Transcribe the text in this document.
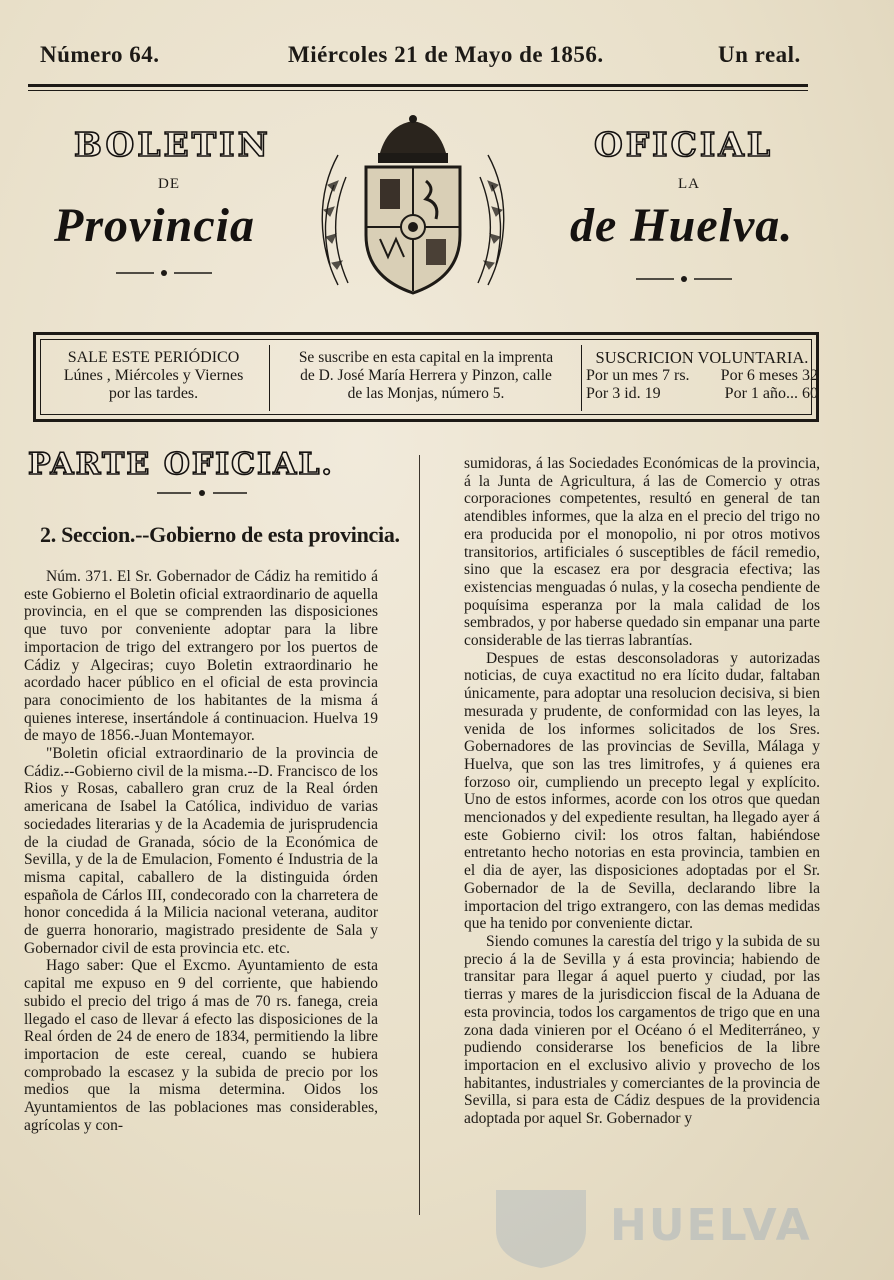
Número 64.	Miércoles 21 de Mayo de 1856.	Un real.
BOLETIN	OFICIAL
DE	LA
Provincia	de Huelva.
SALE ESTE PERIÓDICO
Lúnes , Miércoles y Viernes
por las tardes.
Se suscribe en esta capital en la imprenta
de D. José María Herrera y Pinzon, calle
de las Monjas, número 5.
SUSCRICION VOLUNTARIA.
Por un mes 7 rs. Por 6 meses 32
Por 3 id. 19	Por 1 año... 60
PARTE OFICIAL.
2. Seccion.--Gobierno de esta provincia.

Núm. 371. El Sr. Gobernador de Cádiz ha remitido á este Gobierno el Boletin oficial extraordinario de aquella provincia, en el que se comprenden las disposiciones que tuvo por conveniente adoptar para la libre importacion de trigo del extrangero por los puertos de Cádiz y Algeciras; cuyo Boletin extraordinario he acordado hacer público en el oficial de esta provincia para conocimiento de los habitantes de la misma á quienes interese, insertándole á continuacion. Huelva 19 de mayo de 1856.-Juan Montemayor.

"Boletin oficial extraordinario de la provincia de Cádiz.--Gobierno civil de la misma.--D. Francisco de los Rios y Rosas, caballero gran cruz de la Real órden americana de Isabel la Católica, individuo de varias sociedades literarias y de la Academia de jurisprudencia de la ciudad de Granada, sócio de la Económica de Sevilla, y de la de Emulacion, Fomento é Industria de la misma capital, caballero de la distinguida órden española de Cárlos III, condecorado con la charretera de honor concedida á la Milicia nacional veterana, auditor de guerra honorario, magistrado presidente de Sala y Gobernador civil de esta provincia etc. etc.

Hago saber: Que el Excmo. Ayuntamiento de esta capital me expuso en 9 del corriente, que habiendo subido el precio del trigo á mas de 70 rs. fanega, creia llegado el caso de llevar á efecto las disposiciones de la Real órden de 24 de enero de 1834, permitiendo la libre importacion de este cereal, cuando se hubiera comprobado la escasez y la subida de precio por los medios que la misma determina. Oidos los Ayuntamientos de las poblaciones mas considerables, agrícolas y con-

sumidoras, á las Sociedades Económicas de la provincia, á la Junta de Agricultura, á las de Comercio y otras corporaciones competentes, resultó en general de tan atendibles informes, que la alza en el precio del trigo no era producida por el monopolio, ni por otros motivos transitorios, artificiales ó susceptibles de fácil remedio, sino que la escasez era por desgracia efectiva; las existencias menguadas ó nulas, y la cosecha pendiente de poquísima esperanza por la mala calidad de los sembrados, y por haberse quedado sin empanar una parte considerable de las tierras labrantías.

Despues de estas desconsoladoras y autorizadas noticias, de cuya exactitud no era lícito dudar, faltaban únicamente, para adoptar una resolucion decisiva, si bien mesurada y prudente, de conformidad con las leyes, la venida de los informes solicitados de los Sres. Gobernadores de las provincias de Sevilla, Málaga y Huelva, que son las tres limitrofes, y á quienes era forzoso oir, cumpliendo un precepto legal y explícito. Uno de estos informes, acorde con los otros que quedan mencionados y del expediente resultan, ha llegado ayer á este Gobierno civil: los otros faltan, habiéndose entretanto hecho notorias en esta provincia, tambien en el dia de ayer, las disposiciones adoptadas por el Sr. Gobernador de la de Sevilla, declarando libre la importacion del trigo extrangero, con las demas medidas que ha tenido por conveniente dictar.

Siendo comunes la carestía del trigo y la subida de su precio á la de Sevilla y á esta provincia; habiendo de transitar para llegar á aquel puerto y ciudad, por las tierras y mares de la jurisdiccion fiscal de la Aduana de esta provincia, todos los cargamentos de trigo que en una zona dada vinieren por el Océano ó el Mediterráneo, y pudiendo considerarse los beneficios de la libre importacion en el exclusivo alivio y provecho de los habitantes, industriales y comerciantes de la provincia de Sevilla, si para esta de Cádiz despues de la providencia adoptada por aquel Sr. Gobernador y

HUELVA
